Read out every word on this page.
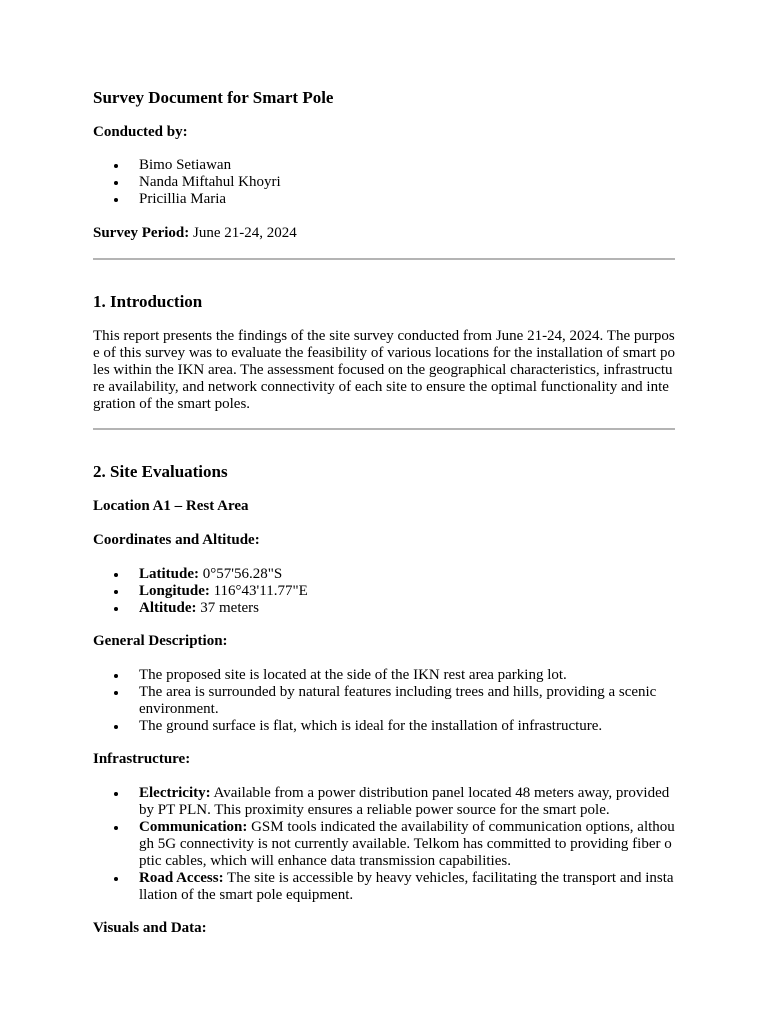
Survey Document for Smart Pole
Conducted by:
Bimo Setiawan
Nanda Miftahul Khoyri
Pricillia Maria
Survey Period: June 21-24, 2024
1. Introduction
This report presents the findings of the site survey conducted from June 21-24, 2024. The purpose of this survey was to evaluate the feasibility of various locations for the installation of smart poles within the IKN area. The assessment focused on the geographical characteristics, infrastructure availability, and network connectivity of each site to ensure the optimal functionality and integration of the smart poles.
2. Site Evaluations
Location A1 – Rest Area
Coordinates and Altitude:
Latitude: 0°57'56.28"S
Longitude: 116°43'11.77"E
Altitude: 37 meters
General Description:
The proposed site is located at the side of the IKN rest area parking lot.
The area is surrounded by natural features including trees and hills, providing a scenic environment.
The ground surface is flat, which is ideal for the installation of infrastructure.
Infrastructure:
Electricity: Available from a power distribution panel located 48 meters away, provided by PT PLN. This proximity ensures a reliable power source for the smart pole.
Communication: GSM tools indicated the availability of communication options, although 5G connectivity is not currently available. Telkom has committed to providing fiber optic cables, which will enhance data transmission capabilities.
Road Access: The site is accessible by heavy vehicles, facilitating the transport and installation of the smart pole equipment.
Visuals and Data:
